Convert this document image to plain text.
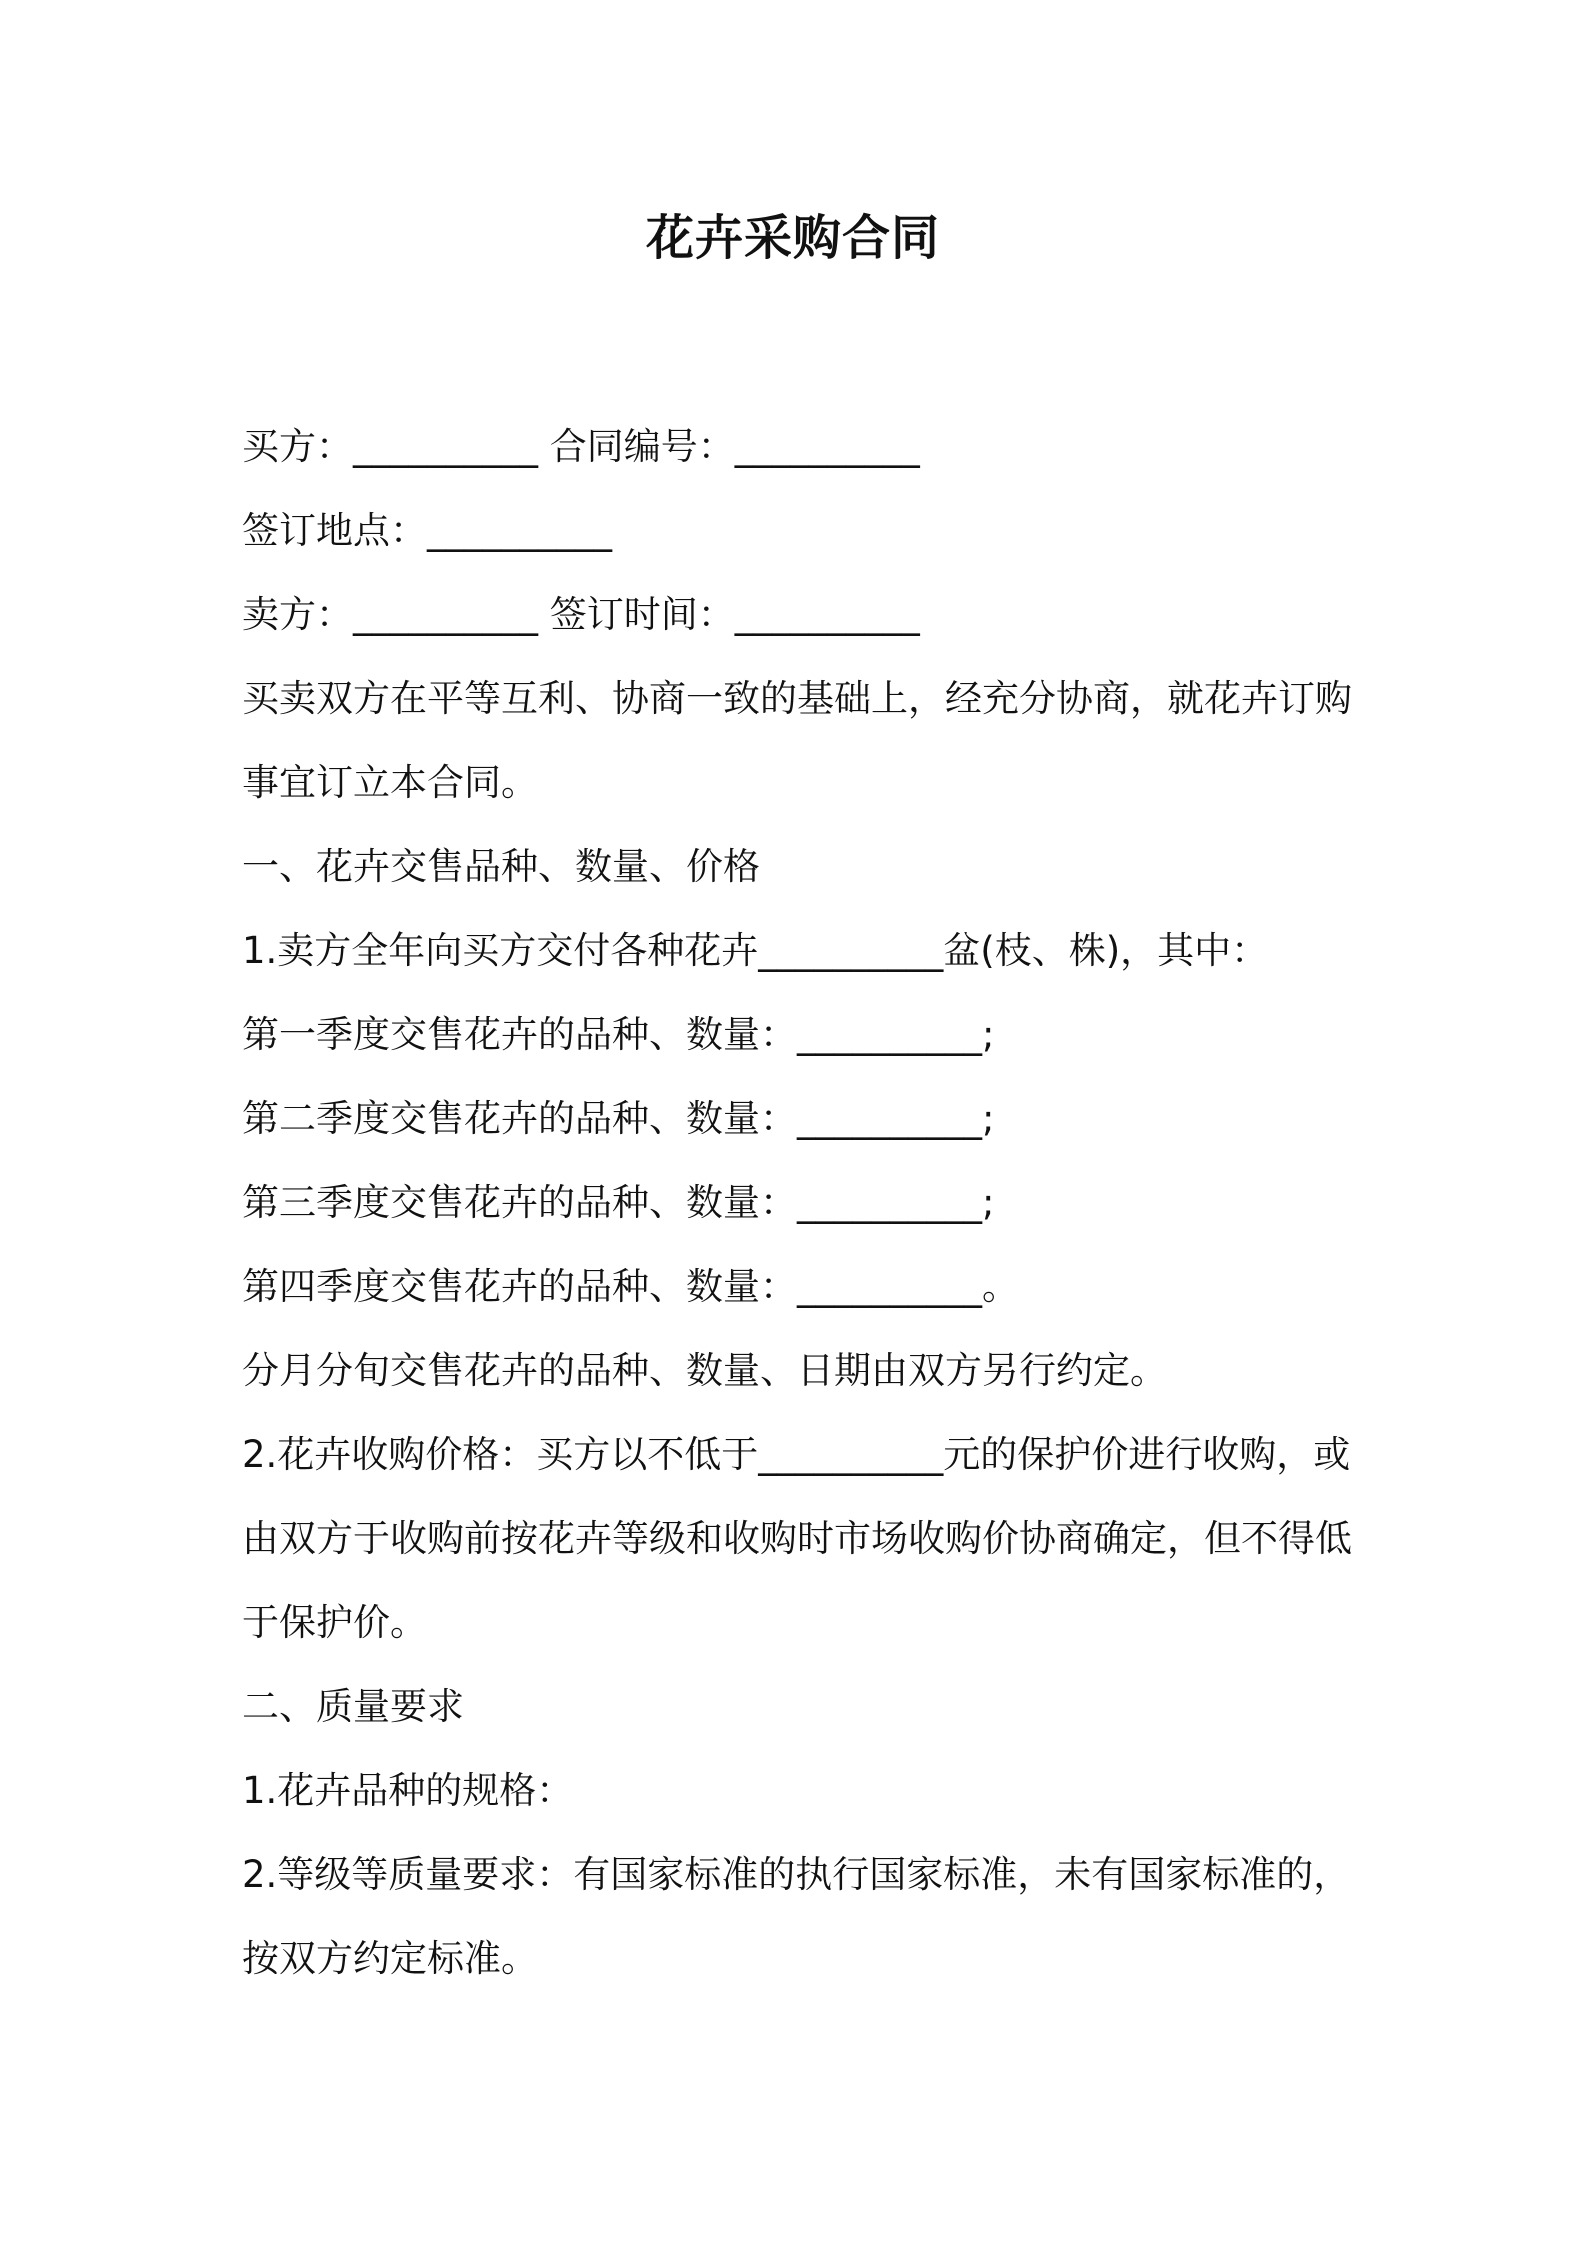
花卉采购合同
买方：__________ 合同编号：__________
签订地点：__________
卖方：__________ 签订时间：__________
买卖双方在平等互利、协商一致的基础上，经充分协商，就花卉订购
事宜订立本合同。
一、花卉交售品种、数量、价格
1.卖方全年向买方交付各种花卉__________盆(枝、株)，其中：
第一季度交售花卉的品种、数量：__________;
第二季度交售花卉的品种、数量：__________;
第三季度交售花卉的品种、数量：__________;
第四季度交售花卉的品种、数量：__________。
分月分旬交售花卉的品种、数量、日期由双方另行约定。
2.花卉收购价格：买方以不低于__________元的保护价进行收购，或
由双方于收购前按花卉等级和收购时市场收购价协商确定，但不得低
于保护价。
二、质量要求
1.花卉品种的规格：
2.等级等质量要求：有国家标准的执行国家标准，未有国家标准的，
按双方约定标准。
